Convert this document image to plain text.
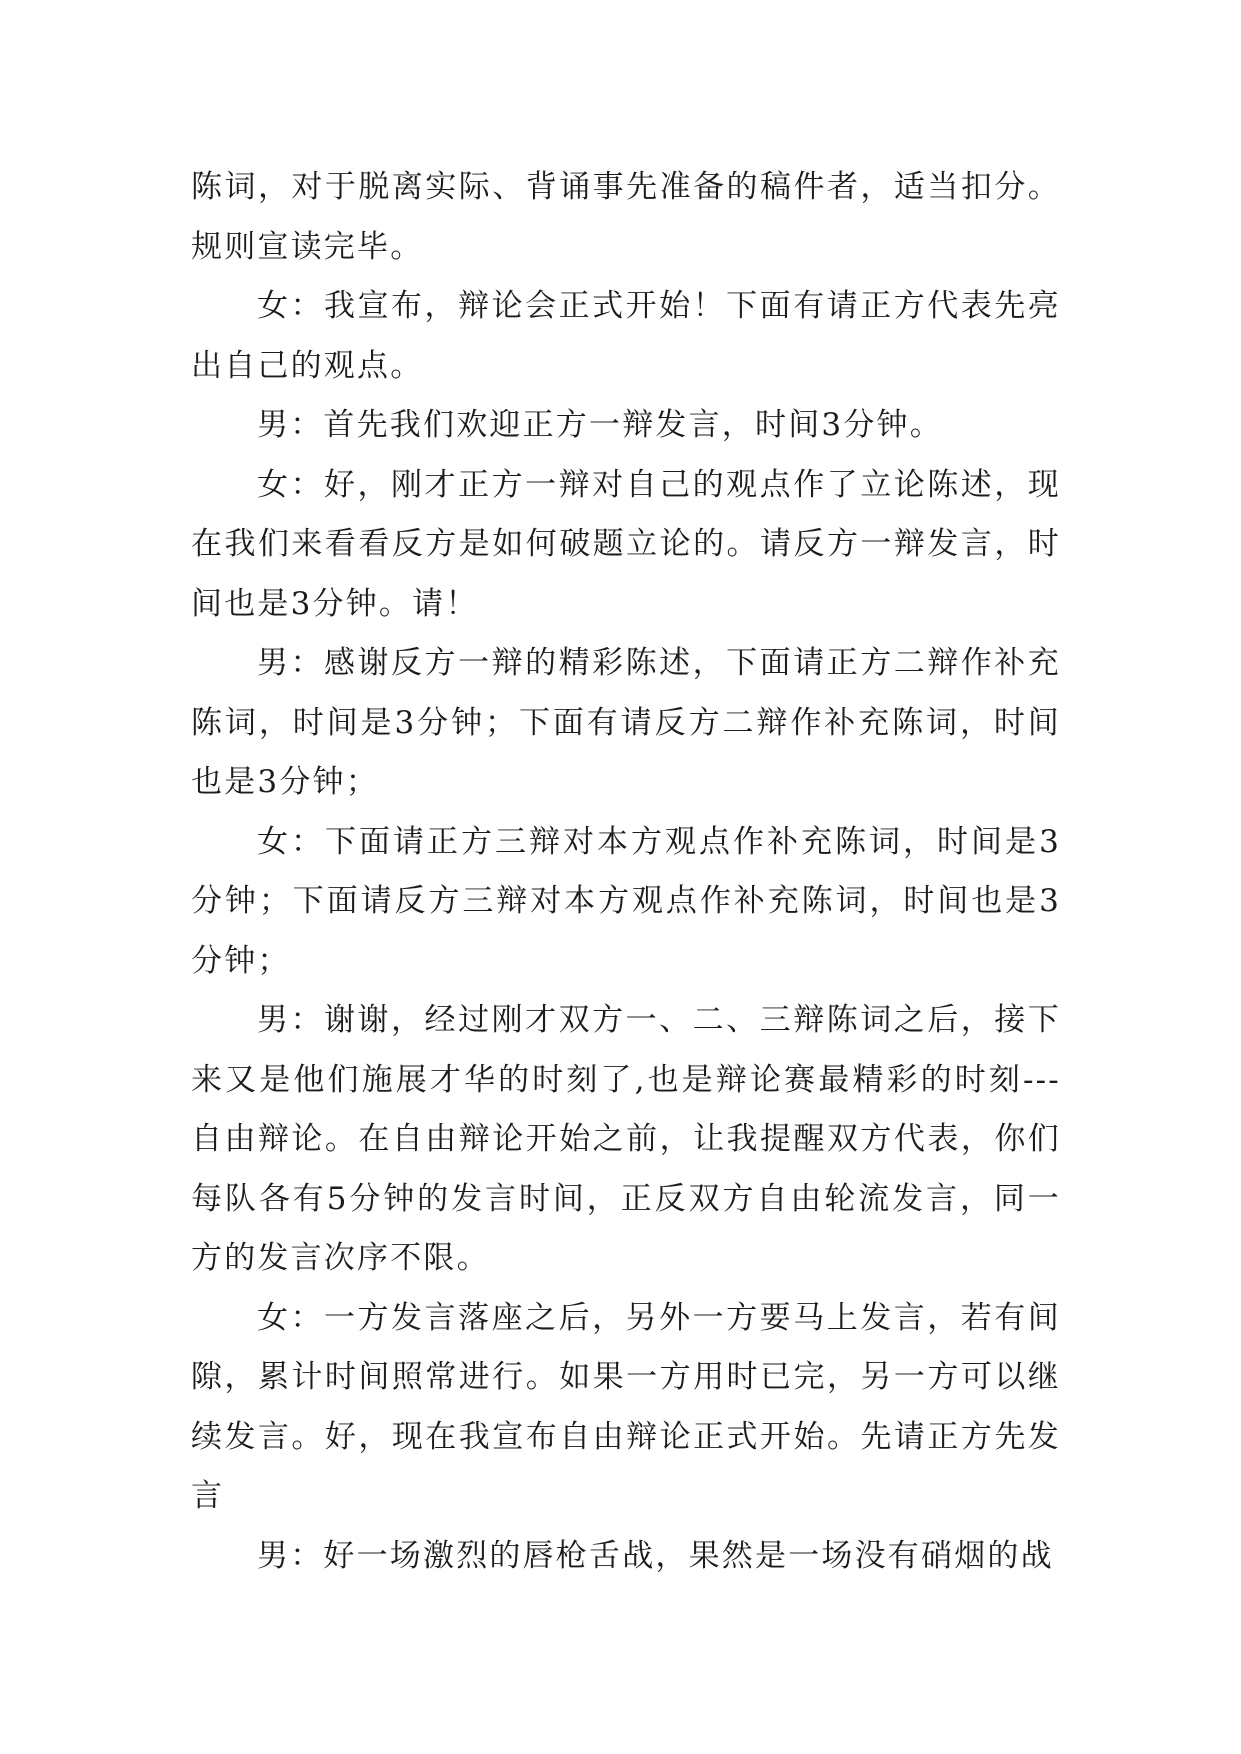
陈词，对于脱离实际、背诵事先准备的稿件者，适当扣分。规则宣读完毕。

女：我宣布，辩论会正式开始！下面有请正方代表先亮出自己的观点。

男：首先我们欢迎正方一辩发言，时间3分钟。

女：好，刚才正方一辩对自己的观点作了立论陈述，现在我们来看看反方是如何破题立论的。请反方一辩发言，时间也是3分钟。请！

男：感谢反方一辩的精彩陈述，下面请正方二辩作补充陈词，时间是3分钟；下面有请反方二辩作补充陈词，时间也是3分钟；

女：下面请正方三辩对本方观点作补充陈词，时间是3分钟；下面请反方三辩对本方观点作补充陈词，时间也是3分钟；

男：谢谢，经过刚才双方一、二、三辩陈词之后，接下来又是他们施展才华的时刻了,也是辩论赛最精彩的时刻---自由辩论。在自由辩论开始之前，让我提醒双方代表，你们每队各有5分钟的发言时间，正反双方自由轮流发言，同一方的发言次序不限。

女：一方发言落座之后，另外一方要马上发言，若有间隙，累计时间照常进行。如果一方用时已完，另一方可以继续发言。好，现在我宣布自由辩论正式开始。先请正方先发言

男：好一场激烈的唇枪舌战，果然是一场没有硝烟的战
